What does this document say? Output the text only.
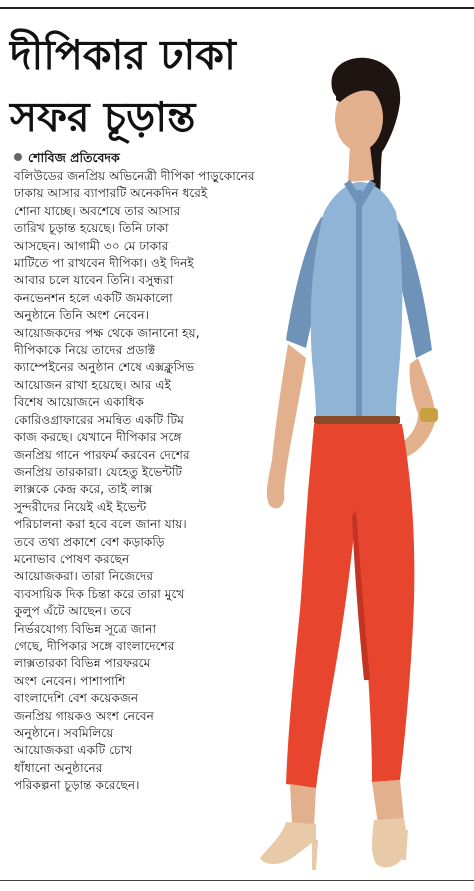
দীপিকার ঢাকা
সফর চূড়ান্ত
শোবিজ প্রতিবেদক
বলিউডের জনপ্রিয় অভিনেত্রী দীপিকা পাড়ুকোনের
ঢাকায় আসার ব্যাপারটি অনেকদিন ধরেই
শোনা যাচ্ছে। অবশেষে তার আসার
তারিখ চূড়ান্ত হয়েছে। তিনি ঢাকা
আসছেন। আগামী ৩০ মে ঢাকার
মাটিতে পা রাখবেন দীপিকা। ওই দিনই
আবার চলে যাবেন তিনি। বসুন্ধরা
কনভেনশন হলে একটি জমকালো
অনুষ্ঠানে তিনি অংশ নেবেন।
আয়োজকদের পক্ষ থেকে জানানো হয়,
দীপিকাকে নিয়ে তাদের প্রডাক্ট
ক্যাম্পেইনের অনুষ্ঠান শেষে এক্সক্লুসিভ
আয়োজন রাখা হয়েছে। আর এই
বিশেষ আয়োজনে একাধিক
কোরিওগ্রাফারের সমন্বিত একটি টিম
কাজ করছে। যেখানে দীপিকার সঙ্গে
জনপ্রিয় গানে পারফর্ম করবেন দেশের
জনপ্রিয় তারকারা। যেহেতু ইভেন্টটি
লাক্সকে কেন্দ্র করে, তাই লাক্স
সুন্দরীদের নিয়েই এই ইভেন্ট
পরিচালনা করা হবে বলে জানা যায়।
তবে তথ্য প্রকাশে বেশ কড়াকড়ি
মনোভাব পোষণ করছেন
আয়োজকরা। তারা নিজেদের
ব্যবসায়িক দিক চিন্তা করে তারা মুখে
কুলুপ এঁটে আছেন। তবে
নির্ভরযোগ্য বিভিন্ন সূত্রে জানা
গেছে, দীপিকার সঙ্গে বাংলাদেশের
লাক্সতারকা বিভিন্ন পারফরমে
অংশ নেবেন। পাশাপাশি
বাংলাদেশি বেশ কয়েকজন
জনপ্রিয় গায়কও অংশ নেবেন
অনুষ্ঠানে। সবমিলিয়ে
আয়োজকরা একটি চোখ
ধাঁধানো অনুষ্ঠানের
পরিকল্পনা চূড়ান্ত করেছেন।
